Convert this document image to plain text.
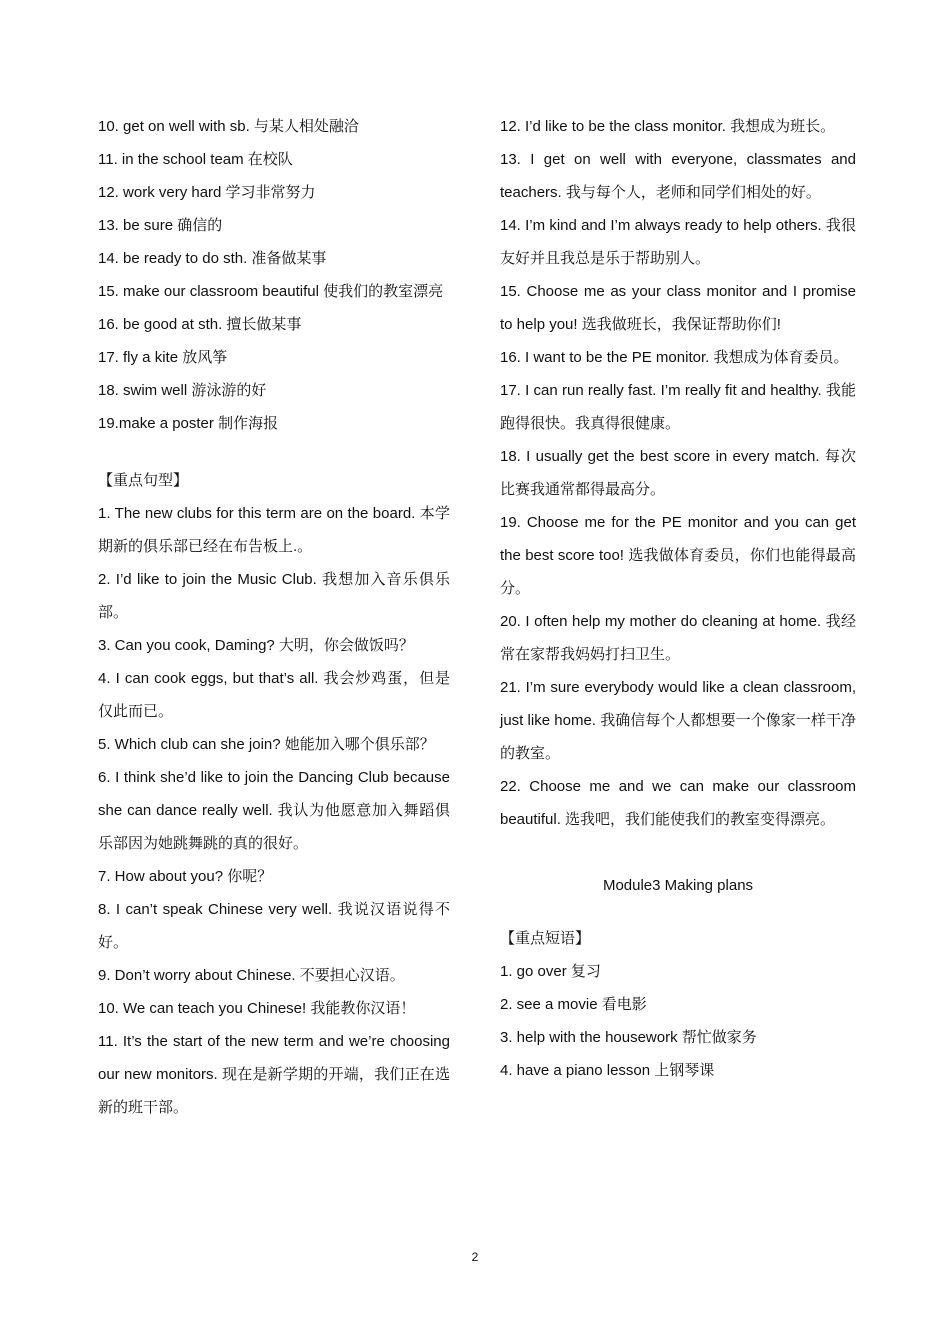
10. get on well with sb. 与某人相处融洽
11. in the school team 在校队
12. work very hard 学习非常努力
13. be sure 确信的
14. be ready to do sth. 准备做某事
15. make our classroom beautiful 使我们的教室漂亮
16. be good at sth. 擅长做某事
17. fly a kite 放风筝
18. swim well 游泳游的好
19.make a poster 制作海报
【重点句型】
1. The new clubs for this term are on the board. 本学期新的俱乐部已经在布告板上.。
2. I’d like to join the Music Club. 我想加入音乐俱乐部。
3. Can you cook, Daming? 大明，你会做饭吗？
4. I can cook eggs, but that’s all. 我会炒鸡蛋，但是仅此而已。
5. Which club can she join? 她能加入哪个俱乐部？
6. I think she’d like to join the Dancing Club because she can dance really well. 我认为他愿意加入舞蹈俱乐部因为她跳舞跳的真的很好。
7. How about you? 你呢？
8. I can’t speak Chinese very well. 我说汉语说得不好。
9. Don’t worry about Chinese. 不要担心汉语。
10. We can teach you Chinese! 我能教你汉语！
11. It’s the start of the new term and we’re choosing our new monitors. 现在是新学期的开端，我们正在选新的班干部。
12. I’d like to be the class monitor. 我想成为班长。
13. I get on well with everyone, classmates and teachers. 我与每个人，老师和同学们相处的好。
14. I’m kind and I’m always ready to help others. 我很友好并且我总是乐于帮助别人。
15. Choose me as your class monitor and I promise to help you! 选我做班长，我保证帮助你们!
16. I want to be the PE monitor. 我想成为体育委员。
17. I can run really fast. I’m really fit and healthy. 我能跑得很快。我真得很健康。
18. I usually get the best score in every match. 每次比赛我通常都得最高分。
19. Choose me for the PE monitor and you can get the best score too! 选我做体育委员，你们也能得最高分。
20. I often help my mother do cleaning at home. 我经常在家帮我妈妈打扫卫生。
21. I’m sure everybody would like a clean classroom, just like home. 我确信每个人都想要一个像家一样干净的教室。
22. Choose me and we can make our classroom beautiful. 选我吧，我们能使我们的教室变得漂亮。
Module3 Making plans
【重点短语】
1. go over 复习
2. see a movie 看电影
3. help with the housework 帮忙做家务
4. have a piano lesson 上钢琴课
2
